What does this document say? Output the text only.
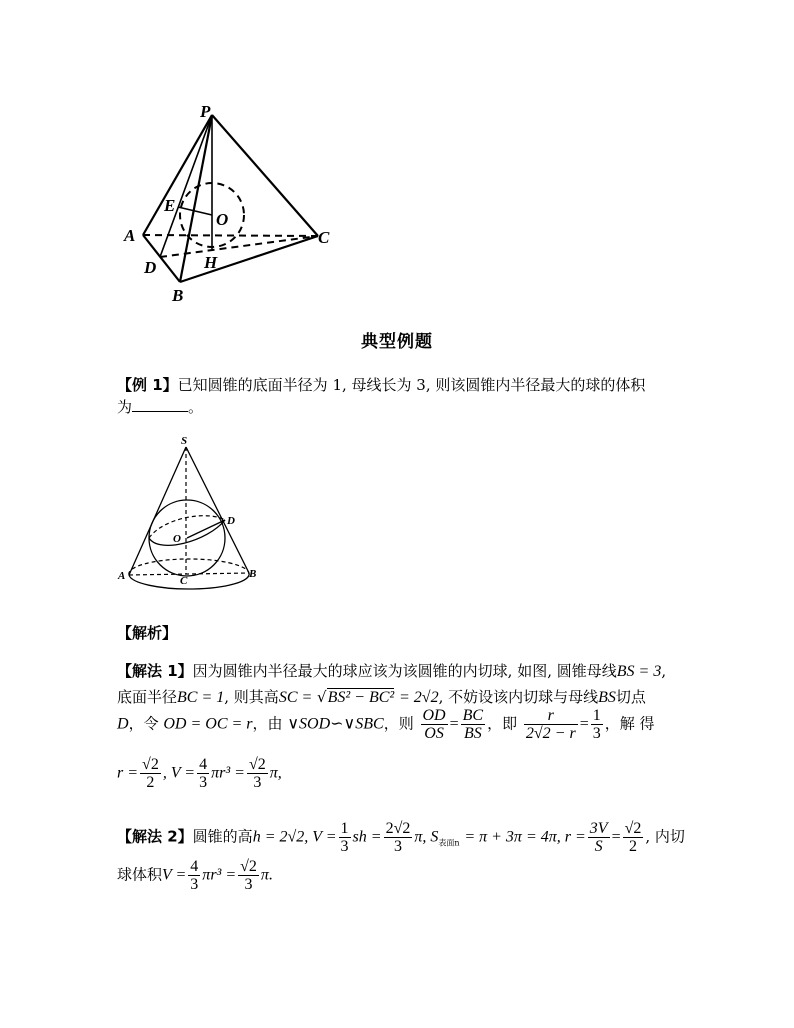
P
E
O
A	C
D	H
B
典型例题
【例 1】已知圆锥的底面半径为 1, 母线长为 3, 则该圆锥内半径最大的球的体积
为	。
S
D
O
A	C
B
【解析】
【解法 1】因为圆锥内半径最大的球应该为该圆锥的内切球, 如图, 圆锥母线BS = 3,
底面半径BC = 1, 则其高SC = √BS² − BC² = 2√2, 不妨设该内切球与母线BS切点
D，令 OD = OC = r，由 ∨SOD∽∨SBC，则 $\frac{OD}{OS} = \frac{BC}{BS}$ ，即 $\frac{r}{2√2 - r} = \frac{1}{3}$ ，解 得
$r = \frac{√2}{2}$ , $V = \frac{4}{3} \pi r^3 = \frac{√2}{3} \pi$,
【解法 2】圆锥的高h = 2√2, $V = \frac{1}{3}$ sh = $\frac{2√2}{3} \pi$, $S_{表面n} = \pi + 3\pi = 4\pi$, $r = \frac{3V}{S} = \frac{√2}{2}$ , 内切
球体积$V = \frac{4}{3} \pi r^3 = \frac{√2}{3} \pi$.
